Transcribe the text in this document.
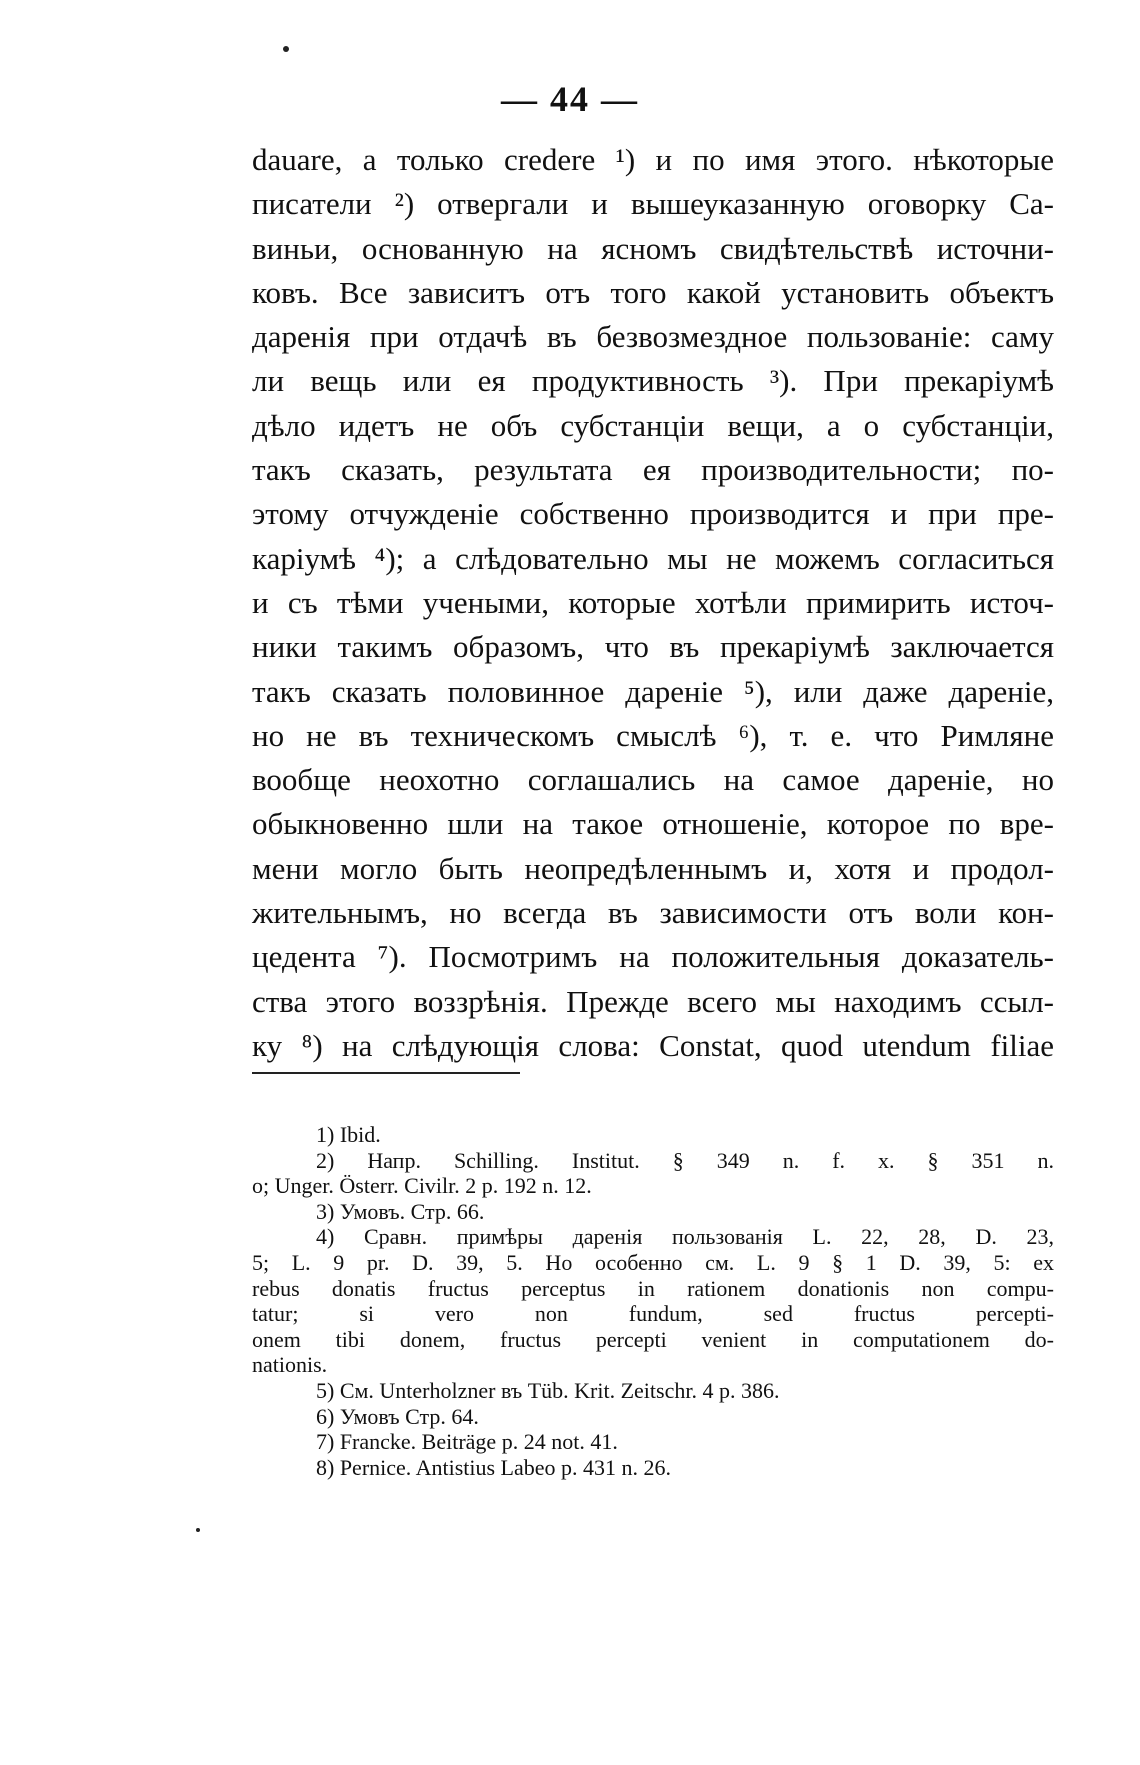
— 44 —
dauare, а только credere ¹) и по имя этого. нѣкоторые
писатели ²) отвергали и вышеуказанную оговорку Са-
виньи, основанную на ясномъ свидѣтельствѣ источни-
ковъ. Все зависитъ отъ того какой установить объектъ
даренія при отдачѣ въ безвозмездное пользованіе: саму
ли вещь или ея продуктивность ³). При прекаріумѣ
дѣло идетъ не объ субстанціи вещи, а о субстанціи,
такъ сказать, результата ея производительности; по-
этому отчужденіе собственно производится и при пре-
каріумѣ ⁴); а слѣдовательно мы не можемъ согласиться
и съ тѣми учеными, которые хотѣли примирить источ-
ники такимъ образомъ, что въ прекаріумѣ заключается
такъ сказать половинное дареніе ⁵), или даже дареніе,
но не въ техническомъ смыслѣ ⁶), т. е. что Римляне
вообще неохотно соглашались на самое дареніе, но
обыкновенно шли на такое отношеніе, которое по вре-
мени могло быть неопредѣленнымъ и, хотя и продол-
жительнымъ, но всегда въ зависимости отъ воли кон-
цедента ⁷). Посмотримъ на положительныя доказатель-
ства этого воззрѣнія. Прежде всего мы находимъ ссыл-
ку ⁸) на слѣдующія слова: Constat, quod utendum filiae
1) Ibid.
2) Напр. Schilling. Institut. § 349 n. f. x. § 351 n.
o; Unger. Österr. Civilr. 2 p. 192 n. 12.
3) Умовъ. Стр. 66.
4) Сравн. примѣры даренія пользованія L. 22, 28, D. 23,
5; L. 9 pr. D. 39, 5. Но особенно см. L. 9 § 1 D. 39, 5: ex
rebus donatis fructus perceptus in rationem donationis non compu-
tatur; si vero non fundum, sed fructus percepti-
onem tibi donem, fructus percepti venient in computationem do-
nationis.
5) См. Unterholzner въ Tüb. Krit. Zeitschr. 4 p. 386.
6) Умовъ Стр. 64.
7) Francke. Beiträge p. 24 not. 41.
8) Pernice. Antistius Labeo p. 431 n. 26.
